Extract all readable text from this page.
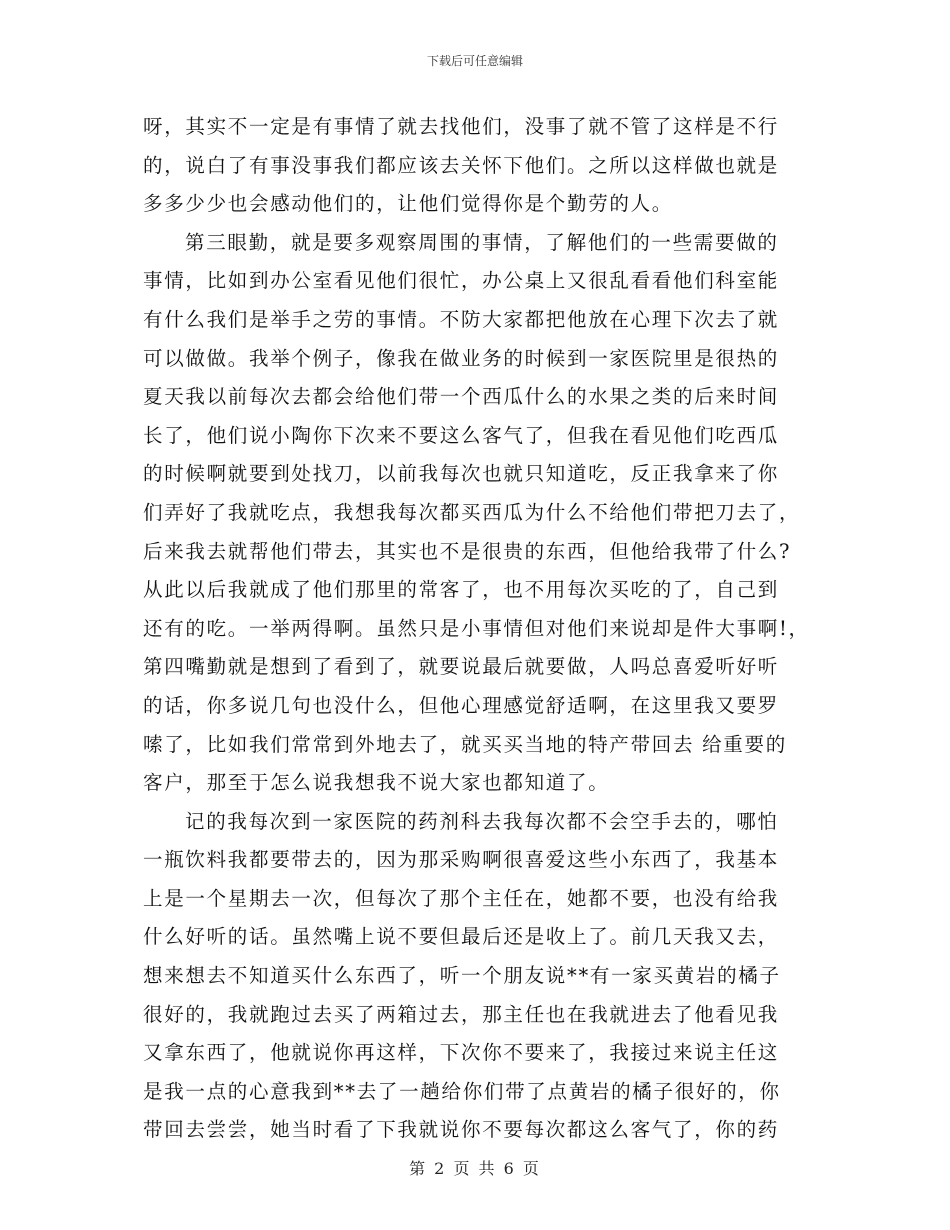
下载后可任意编辑
呀，其实不一定是有事情了就去找他们，没事了就不管了这样是不行
的，说白了有事没事我们都应该去关怀下他们。之所以这样做也就是
多多少少也会感动他们的，让他们觉得你是个勤劳的人。
第三眼勤，就是要多观察周围的事情，了解他们的一些需要做的
事情，比如到办公室看见他们很忙，办公桌上又很乱看看他们科室能
有什么我们是举手之劳的事情。不防大家都把他放在心理下次去了就
可以做做。我举个例子，像我在做业务的时候到一家医院里是很热的
夏天我以前每次去都会给他们带一个西瓜什么的水果之类的后来时间
长了，他们说小陶你下次来不要这么客气了，但我在看见他们吃西瓜
的时候啊就要到处找刀，以前我每次也就只知道吃，反正我拿来了你
们弄好了我就吃点，我想我每次都买西瓜为什么不给他们带把刀去了，
后来我去就帮他们带去，其实也不是很贵的东西，但他给我带了什么?
从此以后我就成了他们那里的常客了，也不用每次买吃的了，自己到
还有的吃。一举两得啊。虽然只是小事情但对他们来说却是件大事啊!，
第四嘴勤就是想到了看到了，就要说最后就要做，人吗总喜爱听好听
的话，你多说几句也没什么，但他心理感觉舒适啊，在这里我又要罗
嗦了，比如我们常常到外地去了，就买买当地的特产带回去 给重要的
客户，那至于怎么说我想我不说大家也都知道了。
记的我每次到一家医院的药剂科去我每次都不会空手去的，哪怕
一瓶饮料我都要带去的，因为那采购啊很喜爱这些小东西了，我基本
上是一个星期去一次，但每次了那个主任在，她都不要，也没有给我
什么好听的话。虽然嘴上说不要但最后还是收上了。前几天我又去，
想来想去不知道买什么东西了，听一个朋友说**有一家买黄岩的橘子
很好的，我就跑过去买了两箱过去，那主任也在我就进去了他看见我
又拿东西了，他就说你再这样，下次你不要来了，我接过来说主任这
是我一点的心意我到**去了一趟给你们带了点黄岩的橘子很好的，你
带回去尝尝，她当时看了下我就说你不要每次都这么客气了，你的药
第 2 页 共 6 页
